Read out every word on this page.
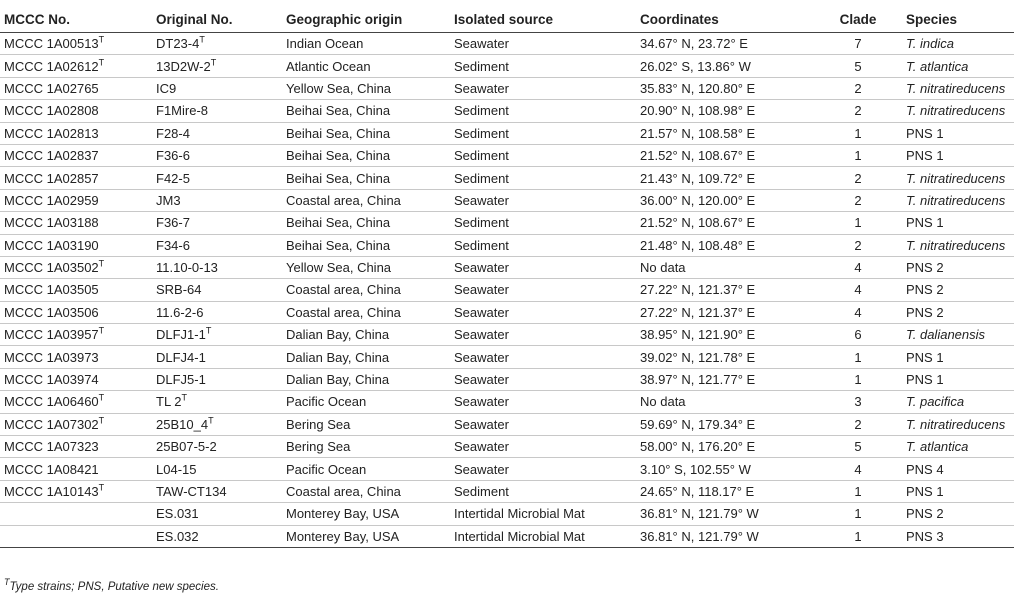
MCCC No.	Original No.	Geographic origin	Isolated source	Coordinates	Clade	Species
MCCC $1A00513^T$	$DT23-4^T$	Indian Ocean	Seawater	34.67° N, 23.72° E	7	T. indica
MCCC $1A02612^T$	$13D2W-2^T$	Atlantic Ocean	Sediment	26.02° S, 13.86° W	5	T. atlantica
MCCC 1A02765	IC9	Yellow Sea, China	Seawater	35.83° N, 120.80° E	2	T. nitratireducens
MCCC 1A02808	F1Mire-8	Beihai Sea, China	Sediment	20.90° N, 108.98° E	2	T. nitratireducens
MCCC 1A02813	F28-4	Beihai Sea, China	Sediment	21.57° N, 108.58° E	1	PNS 1
MCCC 1A02837	F36-6	Beihai Sea, China	Sediment	21.52° N, 108.67° E	1	PNS 1
MCCC 1A02857	F42-5	Beihai Sea, China	Sediment	21.43° N, 109.72° E	2	T. nitratireducens
MCCC 1A02959	JM3	Coastal area, China	Seawater	36.00° N, 120.00° E	2	T. nitratireducens
MCCC 1A03188	F36-7	Beihai Sea, China	Sediment	21.52° N, 108.67° E	1	PNS 1
MCCC 1A03190	F34-6	Beihai Sea, China	Sediment	21.48° N, 108.48° E	2	T. nitratireducens
MCCC $1A03502^T$	11.10-0-13	Yellow Sea, China	Seawater	No data	4	PNS 2
MCCC 1A03505	SRB-64	Coastal area, China	Seawater	27.22° N, 121.37° E	4	PNS 2
MCCC 1A03506	11.6-2-6	Coastal area, China	Seawater	27.22° N, 121.37° E	4	PNS 2
MCCC $1A03957^T$	$DLFJ1-1^T$	Dalian Bay, China	Seawater	38.95° N, 121.90° E	6	T. dalianensis
MCCC 1A03973	DLFJ4-1	Dalian Bay, China	Seawater	39.02° N, 121.78° E	1	PNS 1
MCCC 1A03974	DLFJ5-1	Dalian Bay, China	Seawater	38.97° N, 121.77° E	1	PNS 1
MCCC $1A06460^T$	TL $2^T$	Pacific Ocean	Seawater	No data	3	T. pacifica
MCCC $1A07302^T$	$25B10\_4^T$	Bering Sea	Seawater	59.69° N, 179.34° E	2	T. nitratireducens
MCCC 1A07323	25B07-5-2	Bering Sea	Seawater	58.00° N, 176.20° E	5	T. atlantica
MCCC 1A08421	L04-15	Pacific Ocean	Seawater	3.10° S, 102.55° W	4	PNS 4
MCCC $1A10143^T$	TAW-CT134	Coastal area, China	Sediment	24.65° N, 118.17° E	1	PNS 1
	ES.031	Monterey Bay, USA	Intertidal Microbial Mat	36.81° N, 121.79° W	1	PNS 2
	ES.032	Monterey Bay, USA	Intertidal Microbial Mat	36.81° N, 121.79° W	1	PNS 3
$^T$Type strains; PNS, Putative new species.
